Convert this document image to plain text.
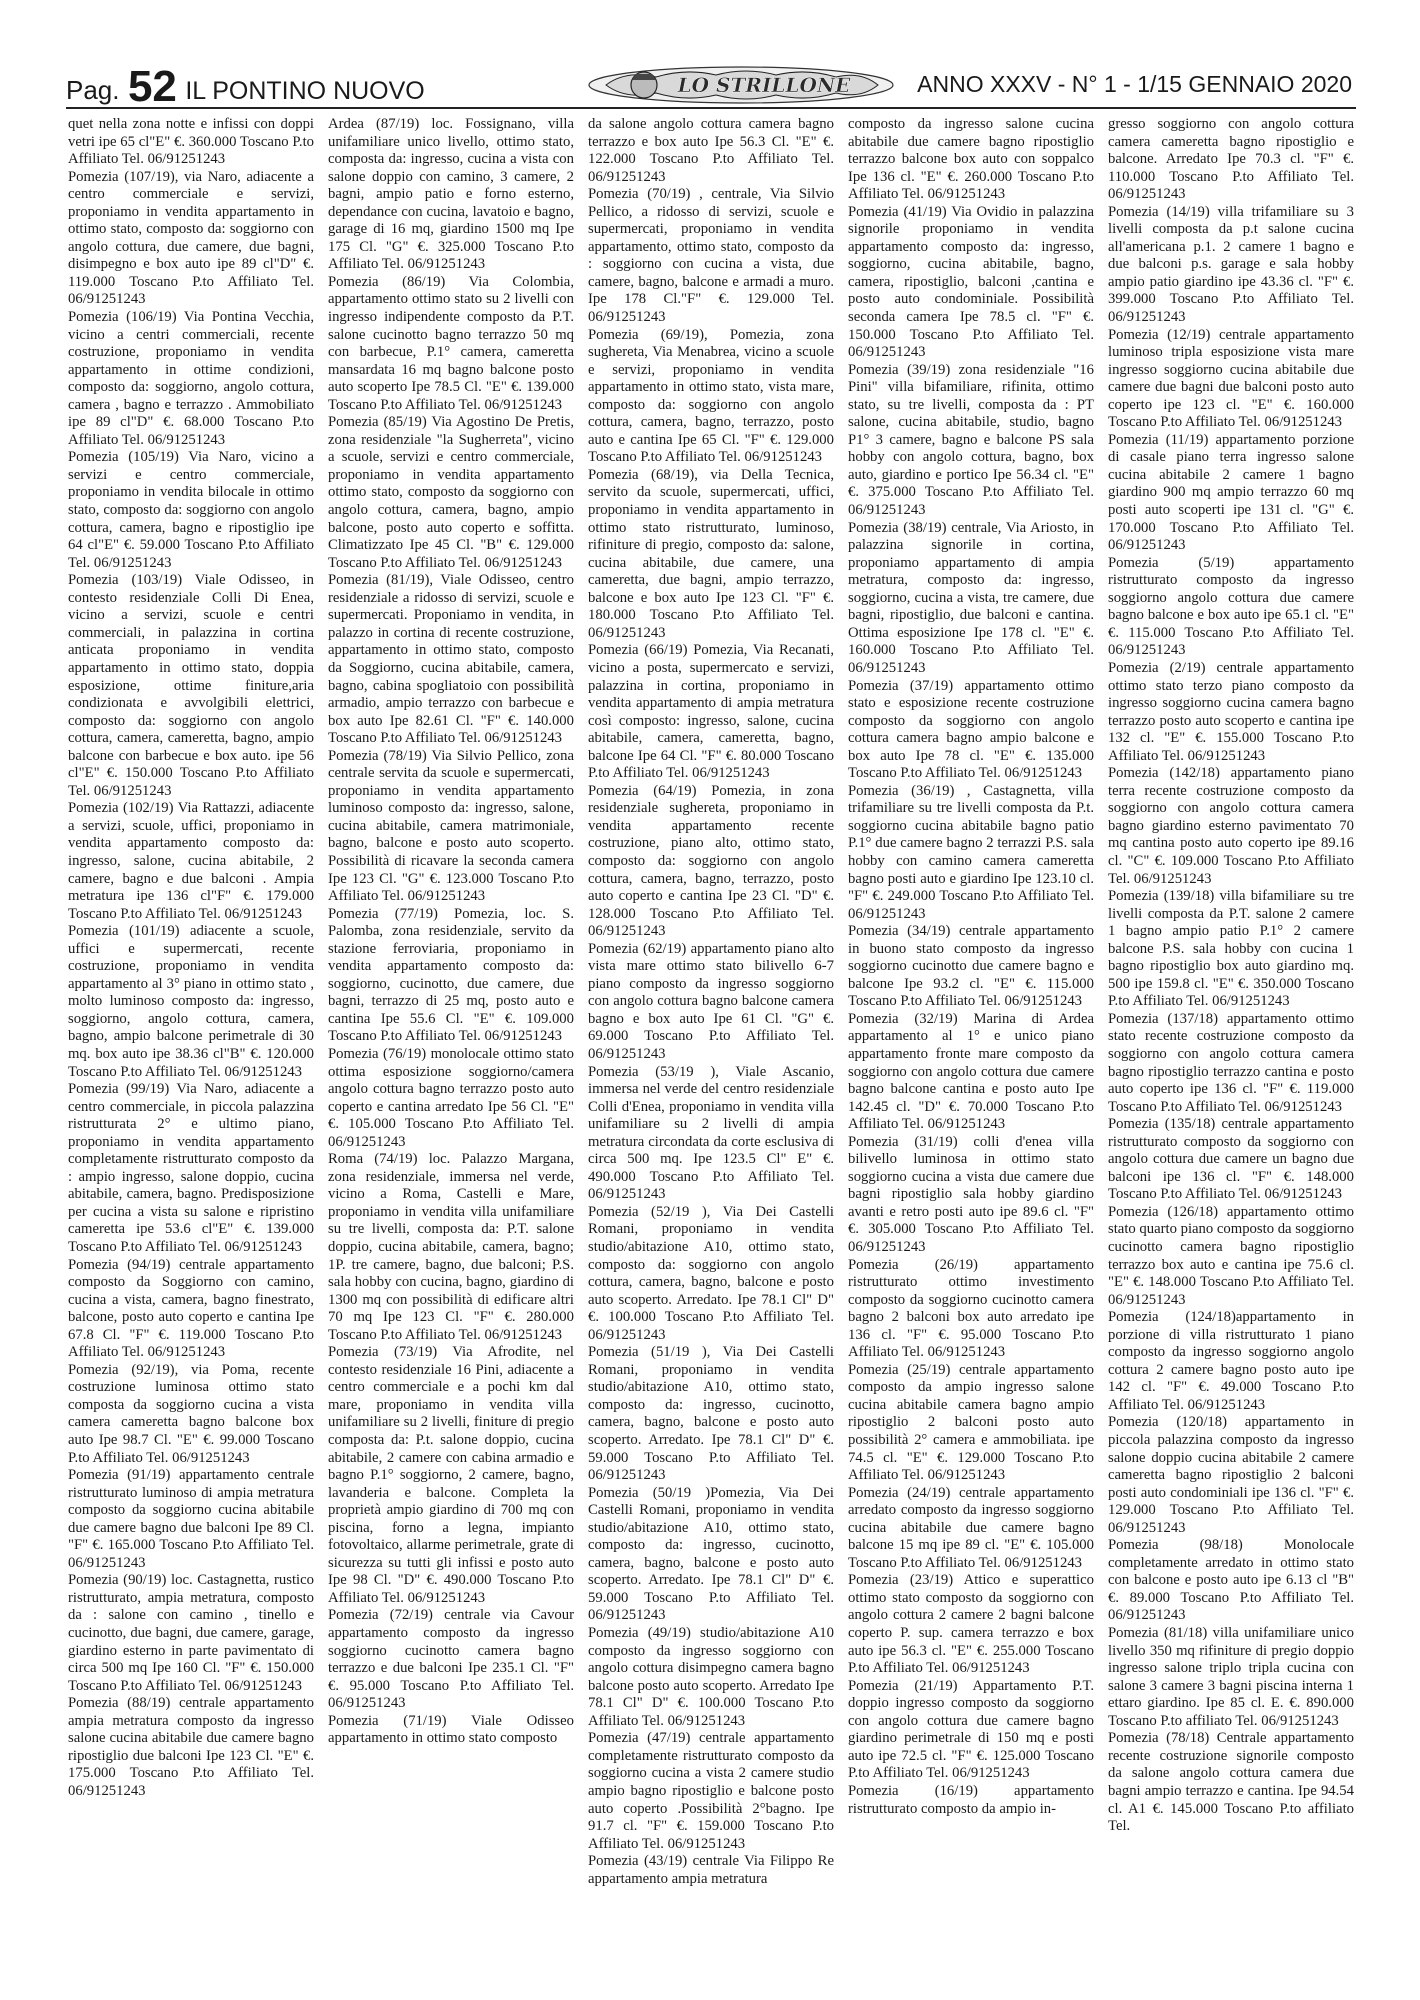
Pag. 52 IL PONTINO NUOVO	LO STRILLONE	ANNO XXXV - N° 1 - 1/15 GENNAIO 2020

quet nella zona notte e infissi con doppi vetri ipe 65 cl"E" €. 360.000 Toscano P.to Affiliato Tel. 06/91251243

Pomezia (107/19), via Naro, adiacente a centro commerciale e servizi, proponiamo in vendita appartamento in ottimo stato, composto da: soggiorno con angolo cottura, due camere, due bagni, disimpegno e box auto ipe 89 cl"D" €. 119.000 Toscano P.to Affiliato Tel. 06/91251243

Pomezia (106/19) Via Pontina Vecchia, vicino a centri commerciali, recente costruzione, proponiamo in vendita appartamento in ottime condizioni, composto da: soggiorno, angolo cottura, camera , bagno e terrazzo . Ammobiliato ipe 89 cl"D" €. 68.000 Toscano P.to Affiliato Tel. 06/91251243

Pomezia (105/19) Via Naro, vicino a servizi e centro commerciale, proponiamo in vendita bilocale in ottimo stato, composto da: soggiorno con angolo cottura, camera, bagno e ripostiglio ipe 64 cl"E" €. 59.000 Toscano P.to Affiliato Tel. 06/91251243

Pomezia (103/19) Viale Odisseo, in contesto residenziale Colli Di Enea, vicino a servizi, scuole e centri commerciali, in palazzina in cortina anticata proponiamo in vendita appartamento in ottimo stato, doppia esposizione, ottime finiture,aria condizionata e avvolgibili elettrici, composto da: soggiorno con angolo cottura, camera, cameretta, bagno, ampio balcone con barbecue e box auto. ipe 56 cl"E" €. 150.000 Toscano P.to Affiliato Tel. 06/91251243

Pomezia (102/19) Via Rattazzi, adiacente a servizi, scuole, uffici, proponiamo in vendita appartamento composto da: ingresso, salone, cucina abitabile, 2 camere, bagno e due balconi . Ampia metratura ipe 136 cl"F" €. 179.000 Toscano P.to Affiliato Tel. 06/91251243

Pomezia (101/19) adiacente a scuole, uffici e supermercati, recente costruzione, proponiamo in vendita appartamento al 3° piano in ottimo stato , molto luminoso composto da: ingresso, soggiorno, angolo cottura, camera, bagno, ampio balcone perimetrale di 30 mq. box auto ipe 38.36 cl"B" €. 120.000 Toscano P.to Affiliato Tel. 06/91251243

Pomezia (99/19) Via Naro, adiacente a centro commerciale, in piccola palazzina ristrutturata 2° e ultimo piano, proponiamo in vendita appartamento completamente ristrutturato composto da : ampio ingresso, salone doppio, cucina abitabile, camera, bagno. Predisposizione per cucina a vista su salone e ripristino cameretta ipe 53.6 cl"E" €. 139.000 Toscano P.to Affiliato Tel. 06/91251243

Pomezia (94/19) centrale appartamento composto da Soggiorno con camino, cucina a vista, camera, bagno finestrato, balcone, posto auto coperto e cantina Ipe 67.8 Cl. "F" €. 119.000 Toscano P.to Affiliato Tel. 06/91251243

Pomezia (92/19), via Poma, recente costruzione luminosa ottimo stato composta da soggiorno cucina a vista camera cameretta bagno balcone box auto Ipe 98.7 Cl. "E" €. 99.000 Toscano P.to Affiliato Tel. 06/91251243

Pomezia (91/19) appartamento centrale ristrutturato luminoso di ampia metratura composto da soggiorno cucina abitabile due camere bagno due balconi Ipe 89 Cl. "F" €. 165.000 Toscano P.to Affiliato Tel. 06/91251243

Pomezia (90/19) loc. Castagnetta, rustico ristrutturato, ampia metratura, composto da : salone con camino , tinello e cucinotto, due bagni, due camere, garage, giardino esterno in parte pavimentato di circa 500 mq Ipe 160 Cl. "F" €. 150.000 Toscano P.to Affiliato Tel. 06/91251243

Pomezia (88/19) centrale appartamento ampia metratura composto da ingresso salone cucina abitabile due camere bagno ripostiglio due balconi Ipe 123 Cl. "E" €. 175.000 Toscano P.to Affiliato Tel. 06/91251243

Ardea (87/19) loc. Fossignano, villa unifamiliare unico livello, ottimo stato, composta da: ingresso, cucina a vista con salone doppio con camino, 3 camere, 2 bagni, ampio patio e forno esterno, dependance con cucina, lavatoio e bagno, garage di 16 mq, giardino 1500 mq Ipe 175 Cl. "G" €. 325.000 Toscano P.to Affiliato Tel. 06/91251243

Pomezia (86/19) Via Colombia, appartamento ottimo stato su 2 livelli con ingresso indipendente composto da P.T. salone cucinotto bagno terrazzo 50 mq con barbecue, P.1° camera, cameretta mansardata 16 mq bagno balcone posto auto scoperto Ipe 78.5 Cl. "E" €. 139.000 Toscano P.to Affiliato Tel. 06/91251243

Pomezia (85/19) Via Agostino De Pretis, zona residenziale "la Sugherreta", vicino a scuole, servizi e centro commerciale, proponiamo in vendita appartamento ottimo stato, composto da soggiorno con angolo cottura, camera, bagno, ampio balcone, posto auto coperto e soffitta. Climatizzato Ipe 45 Cl. "B" €. 129.000 Toscano P.to Affiliato Tel. 06/91251243

Pomezia (81/19), Viale Odisseo, centro residenziale a ridosso di servizi, scuole e supermercati. Proponiamo in vendita, in palazzo in cortina di recente costruzione, appartamento in ottimo stato, composto da Soggiorno, cucina abitabile, camera, bagno, cabina spogliatoio con possibilità armadio, ampio terrazzo con barbecue e box auto Ipe 82.61 Cl. "F" €. 140.000 Toscano P.to Affiliato Tel. 06/91251243

Pomezia (78/19) Via Silvio Pellico, zona centrale servita da scuole e supermercati, proponiamo in vendita appartamento luminoso composto da: ingresso, salone, cucina abitabile, camera matrimoniale, bagno, balcone e posto auto scoperto. Possibilità di ricavare la seconda camera Ipe 123 Cl. "G" €. 123.000 Toscano P.to Affiliato Tel. 06/91251243

Pomezia (77/19) Pomezia, loc. S. Palomba, zona residenziale, servito da stazione ferroviaria, proponiamo in vendita appartamento composto da: soggiorno, cucinotto, due camere, due bagni, terrazzo di 25 mq, posto auto e cantina Ipe 55.6 Cl. "E" €. 109.000 Toscano P.to Affiliato Tel. 06/91251243

Pomezia (76/19) monolocale ottimo stato ottima esposizione soggiorno/camera angolo cottura bagno terrazzo posto auto coperto e cantina arredato Ipe 56 Cl. "E" €. 105.000 Toscano P.to Affiliato Tel. 06/91251243

Roma (74/19) loc. Palazzo Margana, zona residenziale, immersa nel verde, vicino a Roma, Castelli e Mare, proponiamo in vendita villa unifamiliare su tre livelli, composta da: P.T. salone doppio, cucina abitabile, camera, bagno; 1P. tre camere, bagno, due balconi; P.S. sala hobby con cucina, bagno, giardino di 1300 mq con possibilità di edificare altri 70 mq Ipe 123 Cl. "F" €. 280.000 Toscano P.to Affiliato Tel. 06/91251243

Pomezia (73/19) Via Afrodite, nel contesto residenziale 16 Pini, adiacente a centro commerciale e a pochi km dal mare, proponiamo in vendita villa unifamiliare su 2 livelli, finiture di pregio composta da: P.t. salone doppio, cucina abitabile, 2 camere con cabina armadio e bagno P.1° soggiorno, 2 camere, bagno, lavanderia e balcone. Completa la proprietà ampio giardino di 700 mq con piscina, forno a legna, impianto fotovoltaico, allarme perimetrale, grate di sicurezza su tutti gli infissi e posto auto Ipe 98 Cl. "D" €. 490.000 Toscano P.to Affiliato Tel. 06/91251243

Pomezia (72/19) centrale via Cavour appartamento composto da ingresso soggiorno cucinotto camera bagno terrazzo e due balconi Ipe 235.1 Cl. "F" €. 95.000 Toscano P.to Affiliato Tel. 06/91251243

Pomezia (71/19) Viale Odisseo appartamento in ottimo stato composto

da salone angolo cottura camera bagno terrazzo e box auto Ipe 56.3 Cl. "E" €. 122.000 Toscano P.to Affiliato Tel. 06/91251243

Pomezia (70/19) , centrale, Via Silvio Pellico, a ridosso di servizi, scuole e supermercati, proponiamo in vendita appartamento, ottimo stato, composto da : soggiorno con cucina a vista, due camere, bagno, balcone e armadi a muro. Ipe 178 Cl."F" €. 129.000 Tel. 06/91251243

Pomezia (69/19), Pomezia, zona sughereta, Via Menabrea, vicino a scuole e servizi, proponiamo in vendita appartamento in ottimo stato, vista mare, composto da: soggiorno con angolo cottura, camera, bagno, terrazzo, posto auto e cantina Ipe 65 Cl. "F" €. 129.000 Toscano P.to Affiliato Tel. 06/91251243

Pomezia (68/19), via Della Tecnica, servito da scuole, supermercati, uffici, proponiamo in vendita appartamento in ottimo stato ristrutturato, luminoso, rifiniture di pregio, composto da: salone, cucina abitabile, due camere, una cameretta, due bagni, ampio terrazzo, balcone e box auto Ipe 123 Cl. "F" €. 180.000 Toscano P.to Affiliato Tel. 06/91251243

Pomezia (66/19) Pomezia, Via Recanati, vicino a posta, supermercato e servizi, palazzina in cortina, proponiamo in vendita appartamento di ampia metratura così composto: ingresso, salone, cucina abitabile, camera, cameretta, bagno, balcone Ipe 64 Cl. "F" €. 80.000 Toscano P.to Affiliato Tel. 06/91251243

Pomezia (64/19) Pomezia, in zona residenziale sughereta, proponiamo in vendita appartamento recente costruzione, piano alto, ottimo stato, composto da: soggiorno con angolo cottura, camera, bagno, terrazzo, posto auto coperto e cantina Ipe 23 Cl. "D" €. 128.000 Toscano P.to Affiliato Tel. 06/91251243

Pomezia (62/19) appartamento piano alto vista mare ottimo stato bilivello 6-7 piano composto da ingresso soggiorno con angolo cottura bagno balcone camera bagno e box auto Ipe 61 Cl. "G" €. 69.000 Toscano P.to Affiliato Tel. 06/91251243

Pomezia (53/19 ), Viale Ascanio, immersa nel verde del centro residenziale Colli d'Enea, proponiamo in vendita villa unifamiliare su 2 livelli di ampia metratura circondata da corte esclusiva di circa 500 mq. Ipe 123.5 Cl" E" €. 490.000 Toscano P.to Affiliato Tel. 06/91251243

Pomezia (52/19 ), Via Dei Castelli Romani, proponiamo in vendita studio/abitazione A10, ottimo stato, composto da: soggiorno con angolo cottura, camera, bagno, balcone e posto auto scoperto. Arredato. Ipe 78.1 Cl" D" €. 100.000 Toscano P.to Affiliato Tel. 06/91251243

Pomezia (51/19 ), Via Dei Castelli Romani, proponiamo in vendita studio/abitazione A10, ottimo stato, composto da: ingresso, cucinotto, camera, bagno, balcone e posto auto scoperto. Arredato. Ipe 78.1 Cl" D" €. 59.000 Toscano P.to Affiliato Tel. 06/91251243

Pomezia (50/19 )Pomezia, Via Dei Castelli Romani, proponiamo in vendita studio/abitazione A10, ottimo stato, composto da: ingresso, cucinotto, camera, bagno, balcone e posto auto scoperto. Arredato. Ipe 78.1 Cl" D" €. 59.000 Toscano P.to Affiliato Tel. 06/91251243

Pomezia (49/19) studio/abitazione A10 composto da ingresso soggiorno con angolo cottura disimpegno camera bagno balcone posto auto scoperto. Arredato Ipe 78.1 Cl" D" €. 100.000 Toscano P.to Affiliato Tel. 06/91251243

Pomezia (47/19) centrale appartamento completamente ristrutturato composto da soggiorno cucina a vista 2 camere studio ampio bagno ripostiglio e balcone posto auto coperto .Possibilità 2°bagno. Ipe 91.7 cl. "F" €. 159.000 Toscano P.to Affiliato Tel. 06/91251243

Pomezia (43/19) centrale Via Filippo Re appartamento ampia metratura

composto da ingresso salone cucina abitabile due camere bagno ripostiglio terrazzo balcone box auto con soppalco Ipe 136 cl. "E" €. 260.000 Toscano P.to Affiliato Tel. 06/91251243

Pomezia (41/19) Via Ovidio in palazzina signorile proponiamo in vendita appartamento composto da: ingresso, soggiorno, cucina abitabile, bagno, camera, ripostiglio, balconi ,cantina e posto auto condominiale. Possibilità seconda camera Ipe 78.5 cl. "F" €. 150.000 Toscano P.to Affiliato Tel. 06/91251243

Pomezia (39/19) zona residenziale "16 Pini" villa bifamiliare, rifinita, ottimo stato, su tre livelli, composta da : PT salone, cucina abitabile, studio, bagno P1° 3 camere, bagno e balcone PS sala hobby con angolo cottura, bagno, box auto, giardino e portico Ipe 56.34 cl. "E" €. 375.000 Toscano P.to Affiliato Tel. 06/91251243

Pomezia (38/19) centrale, Via Ariosto, in palazzina signorile in cortina, proponiamo appartamento di ampia metratura, composto da: ingresso, soggiorno, cucina a vista, tre camere, due bagni, ripostiglio, due balconi e cantina. Ottima esposizione Ipe 178 cl. "E" €. 160.000 Toscano P.to Affiliato Tel. 06/91251243

Pomezia (37/19) appartamento ottimo stato e esposizione recente costruzione composto da soggiorno con angolo cottura camera bagno ampio balcone e box auto Ipe 78 cl. "E" €. 135.000 Toscano P.to Affiliato Tel. 06/91251243

Pomezia (36/19) , Castagnetta, villa trifamiliare su tre livelli composta da P.t. soggiorno cucina abitabile bagno patio P.1° due camere bagno 2 terrazzi P.S. sala hobby con camino camera cameretta bagno posti auto e giardino Ipe 123.10 cl. "F" €. 249.000 Toscano P.to Affiliato Tel. 06/91251243

Pomezia (34/19) centrale appartamento in buono stato composto da ingresso soggiorno cucinotto due camere bagno e balcone Ipe 93.2 cl. "E" €. 115.000 Toscano P.to Affiliato Tel. 06/91251243

Pomezia (32/19) Marina di Ardea appartamento al 1° e unico piano appartamento fronte mare composto da soggiorno con angolo cottura due camere bagno balcone cantina e posto auto Ipe 142.45 cl. "D" €. 70.000 Toscano P.to Affiliato Tel. 06/91251243

Pomezia (31/19) colli d'enea villa bilivello luminosa in ottimo stato soggiorno cucina a vista due camere due bagni ripostiglio sala hobby giardino avanti e retro posti auto ipe 89.6 cl. "F" €. 305.000 Toscano P.to Affiliato Tel. 06/91251243

Pomezia (26/19) appartamento ristrutturato ottimo investimento composto da soggiorno cucinotto camera bagno 2 balconi box auto arredato ipe 136 cl. "F" €. 95.000 Toscano P.to Affiliato Tel. 06/91251243

Pomezia (25/19) centrale appartamento composto da ampio ingresso salone cucina abitabile camera bagno ampio ripostiglio 2 balconi posto auto possibilità 2° camera e ammobiliata. ipe 74.5 cl. "E" €. 129.000 Toscano P.to Affiliato Tel. 06/91251243

Pomezia (24/19) centrale appartamento arredato composto da ingresso soggiorno cucina abitabile due camere bagno balcone 15 mq ipe 89 cl. "E" €. 105.000 Toscano P.to Affiliato Tel. 06/91251243

Pomezia (23/19) Attico e superattico ottimo stato composto da soggiorno con angolo cottura 2 camere 2 bagni balcone coperto P. sup. camera terrazzo e box auto ipe 56.3 cl. "E" €. 255.000 Toscano P.to Affiliato Tel. 06/91251243

Pomezia (21/19) Appartamento P.T. doppio ingresso composto da soggiorno con angolo cottura due camere bagno giardino perimetrale di 150 mq e posti auto ipe 72.5 cl. "F" €. 125.000 Toscano P.to Affiliato Tel. 06/91251243

Pomezia (16/19) appartamento ristrutturato composto da ampio in-

gresso soggiorno con angolo cottura camera cameretta bagno ripostiglio e balcone. Arredato Ipe 70.3 cl. "F" €. 110.000 Toscano P.to Affiliato Tel. 06/91251243

Pomezia (14/19) villa trifamiliare su 3 livelli composta da p.t salone cucina all'americana p.1. 2 camere 1 bagno e due balconi p.s. garage e sala hobby ampio patio giardino ipe 43.36 cl. "F" €. 399.000 Toscano P.to Affiliato Tel. 06/91251243

Pomezia (12/19) centrale appartamento luminoso tripla esposizione vista mare ingresso soggiorno cucina abitabile due camere due bagni due balconi posto auto coperto ipe 123 cl. "E" €. 160.000 Toscano P.to Affiliato Tel. 06/91251243

Pomezia (11/19) appartamento porzione di casale piano terra ingresso salone cucina abitabile 2 camere 1 bagno giardino 900 mq ampio terrazzo 60 mq posti auto scoperti ipe 131 cl. "G" €. 170.000 Toscano P.to Affiliato Tel. 06/91251243

Pomezia (5/19) appartamento ristrutturato composto da ingresso soggiorno angolo cottura due camere bagno balcone e box auto ipe 65.1 cl. "E" €. 115.000 Toscano P.to Affiliato Tel. 06/91251243

Pomezia (2/19) centrale appartamento ottimo stato terzo piano composto da ingresso soggiorno cucina camera bagno terrazzo posto auto scoperto e cantina ipe 132 cl. "E" €. 155.000 Toscano P.to Affiliato Tel. 06/91251243

Pomezia (142/18) appartamento piano terra recente costruzione composto da soggiorno con angolo cottura camera bagno giardino esterno pavimentato 70 mq cantina posto auto coperto ipe 89.16 cl. "C" €. 109.000 Toscano P.to Affiliato Tel. 06/91251243

Pomezia (139/18) villa bifamiliare su tre livelli composta da P.T. salone 2 camere 1 bagno ampio patio P.1° 2 camere balcone P.S. sala hobby con cucina 1 bagno ripostiglio box auto giardino mq. 500 ipe 159.8 cl. "E" €. 350.000 Toscano P.to Affiliato Tel. 06/91251243

Pomezia (137/18) appartamento ottimo stato recente costruzione composto da soggiorno con angolo cottura camera bagno ripostiglio terrazzo cantina e posto auto coperto ipe 136 cl. "F" €. 119.000 Toscano P.to Affiliato Tel. 06/91251243

Pomezia (135/18) centrale appartamento ristrutturato composto da soggiorno con angolo cottura due camere un bagno due balconi ipe 136 cl. "F" €. 148.000 Toscano P.to Affiliato Tel. 06/91251243

Pomezia (126/18) appartamento ottimo stato quarto piano composto da soggiorno cucinotto camera bagno ripostiglio terrazzo box auto e cantina ipe 75.6 cl. "E" €. 148.000 Toscano P.to Affiliato Tel. 06/91251243

Pomezia (124/18)appartamento in porzione di villa ristrutturato 1 piano composto da ingresso soggiorno angolo cottura 2 camere bagno posto auto ipe 142 cl. "F" €. 49.000 Toscano P.to Affiliato Tel. 06/91251243

Pomezia (120/18) appartamento in piccola palazzina composto da ingresso salone doppio cucina abitabile 2 camere cameretta bagno ripostiglio 2 balconi posti auto condominiali ipe 136 cl. "F" €. 129.000 Toscano P.to Affiliato Tel. 06/91251243

Pomezia (98/18) Monolocale completamente arredato in ottimo stato con balcone e posto auto ipe 6.13 cl "B" €. 89.000 Toscano P.to Affiliato Tel. 06/91251243

Pomezia (81/18) villa unifamiliare unico livello 350 mq rifiniture di pregio doppio ingresso salone triplo tripla cucina con salone 3 camere 3 bagni piscina interna 1 ettaro giardino. Ipe 85 cl. E. €. 890.000 Toscano P.to affiliato Tel. 06/91251243

Pomezia (78/18) Centrale appartamento recente costruzione signorile composto da salone angolo cottura camera due bagni ampio terrazzo e cantina. Ipe 94.54 cl. A1 €. 145.000 Toscano P.to affiliato Tel.
